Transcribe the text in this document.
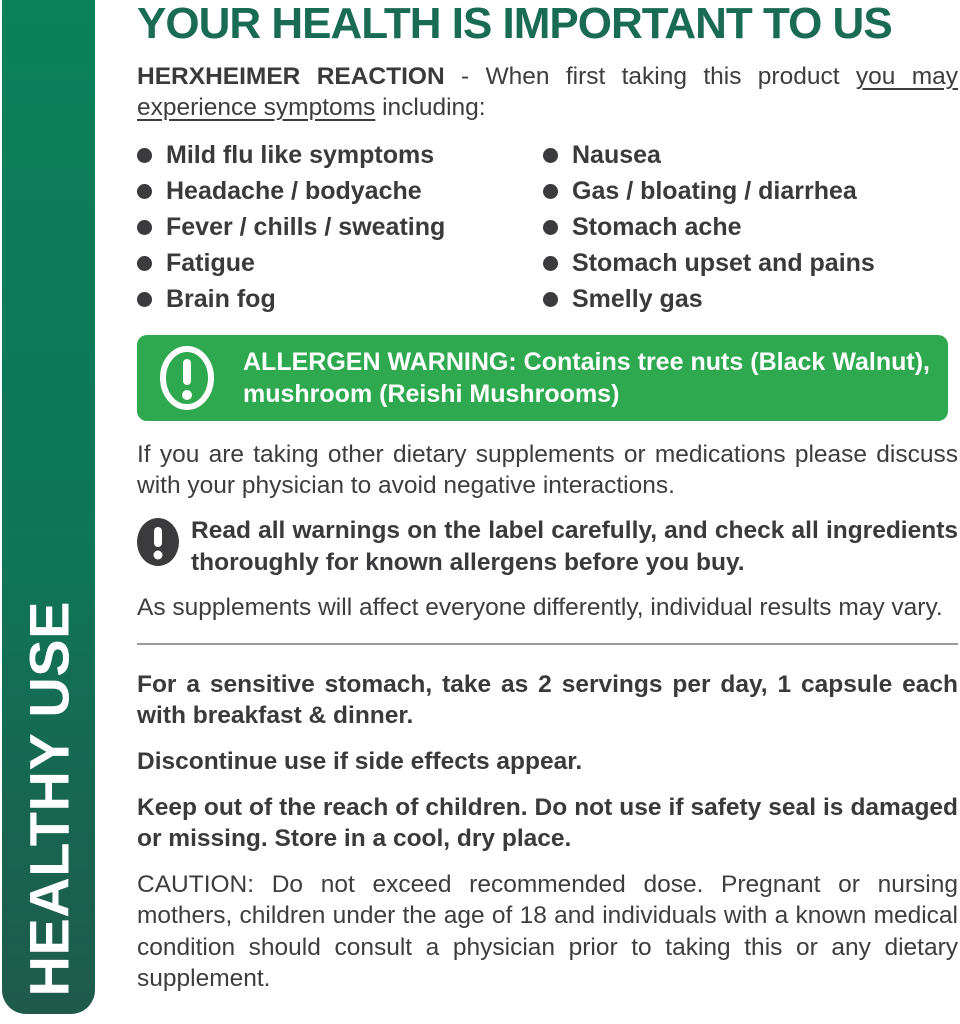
HEALTHY USE
YOUR HEALTH IS IMPORTANT TO US

HERXHEIMER REACTION - When first taking this product you may experience symptoms including:

Mild flu like symptoms
Headache / bodyache
Fever / chills / sweating
Fatigue
Brain fog
Nausea
Gas / bloating / diarrhea
Stomach ache
Stomach upset and pains
Smelly gas

ALLERGEN WARNING: Contains tree nuts (Black Walnut), mushroom (Reishi Mushrooms)

If you are taking other dietary supplements or medications please discuss with your physician to avoid negative interactions.

Read all warnings on the label carefully, and check all ingredients thoroughly for known allergens before you buy.

As supplements will affect everyone differently, individual results may vary.

For a sensitive stomach, take as 2 servings per day, 1 capsule each with breakfast & dinner.

Discontinue use if side effects appear.

Keep out of the reach of children. Do not use if safety seal is damaged or missing. Store in a cool, dry place.

CAUTION: Do not exceed recommended dose. Pregnant or nursing mothers, children under the age of 18 and individuals with a known medical condition should consult a physician prior to taking this or any dietary supplement.
